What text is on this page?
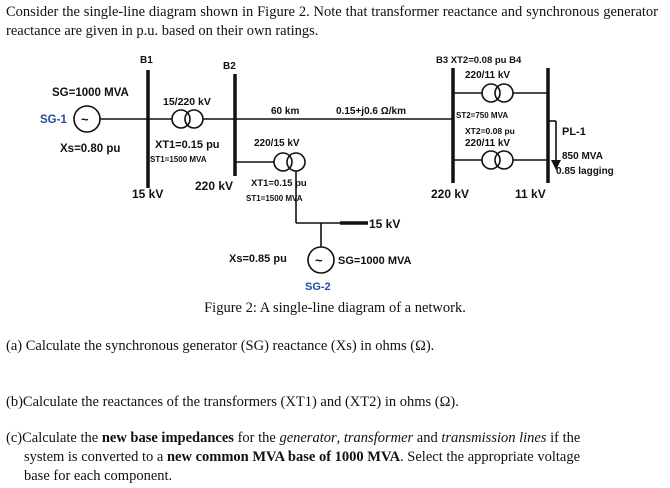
Consider the single-line diagram shown in Figure 2. Note that transformer reactance and synchronous generator reactance are given in p.u. based on their own ratings.
B1
B2
B3 XT2=0.08 pu B4
SG=1000 MVA
SG-1 ~
Xs=0.80 pu
15/220 kV
XT1=0.15 pu
ST1=1500 MVA
60 km	0.15+j0.6 Ω/km
220/15 kV
220 kV XT1=0.15 pu
ST1=1500 MVA
15 kV
220/11 kV
ST2=750 MVA
XT2=0.08 pu
220/11 kV
PL-1
850 MVA
0.85 lagging
220 kV	11 kV
15 kV
~
Xs=0.85 pu	SG=1000 MVA
SG-2
Figure 2: A single-line diagram of a network.
(a) Calculate the synchronous generator (SG) reactance (Xs) in ohms (Ω).
(b)Calculate the reactances of the transformers (XT1) and (XT2) in ohms (Ω).
(c)Calculate the new base impedances for the generator, transformer and transmission lines if the
system is converted to a new common MVA base of 1000 MVA. Select the appropriate voltage
base for each component.
